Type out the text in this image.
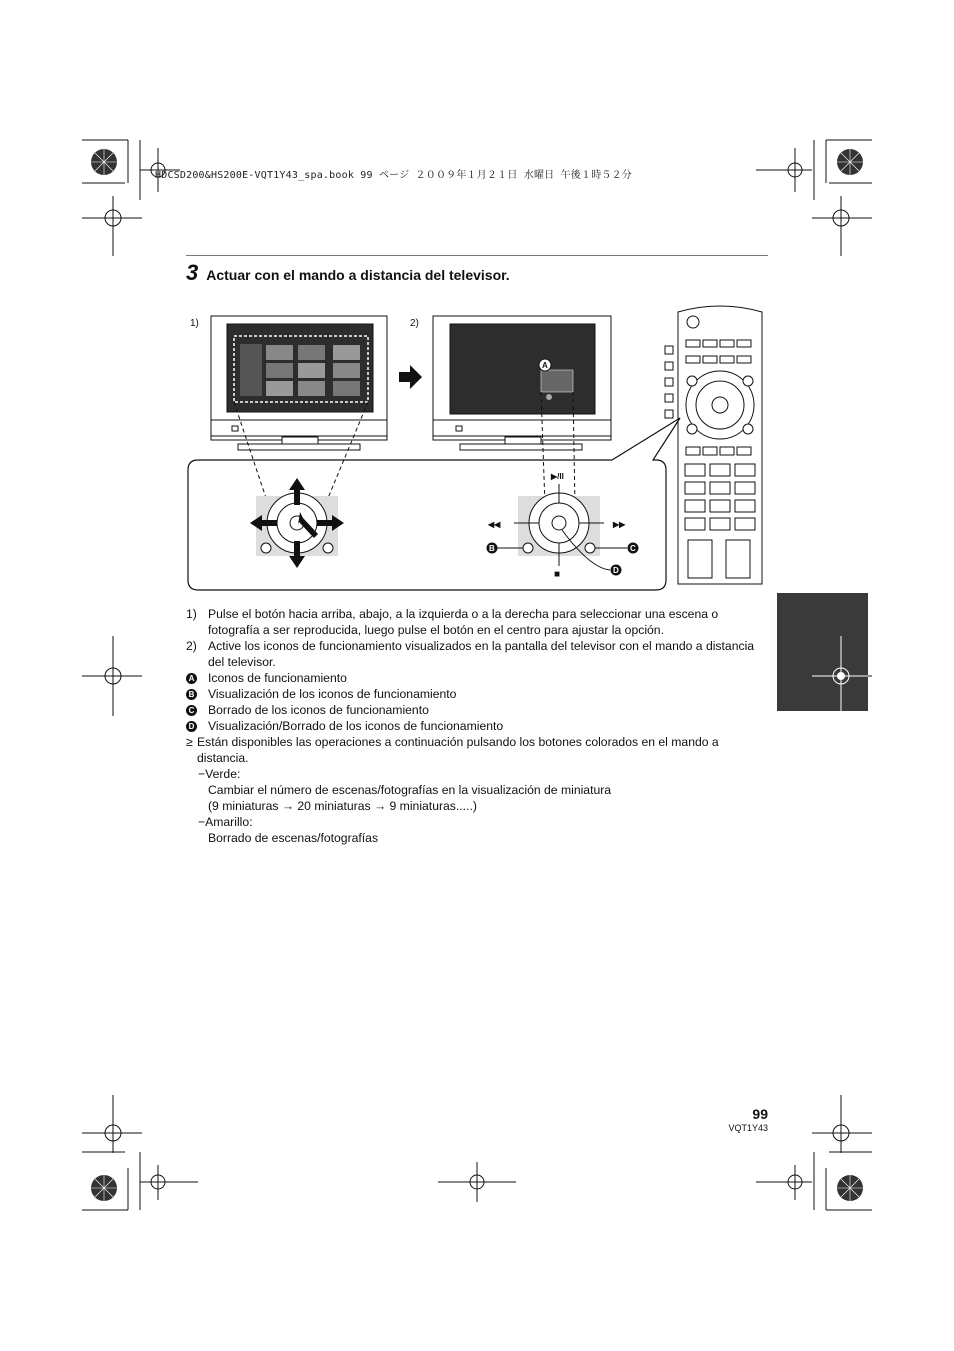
HDCSD200&HS200E-VQT1Y43_spa.book 99 ページ ２００９年１月２１日 水曜日 午後１時５２分
3 Actuar con el mando a distancia del televisor.
1)	2)
A
▶/II
◀◀	▶▶
■
B	C
D
1) Pulse el botón hacia arriba, abajo, a la izquierda o a la derecha para seleccionar una escena o fotografía a ser reproducida, luego pulse el botón en el centro para ajustar la opción.
2) Active los iconos de funcionamiento visualizados en la pantalla del televisor con el mando a distancia del televisor.
A	Iconos de funcionamiento
B	Visualización de los iconos de funcionamiento
C	Borrado de los iconos de funcionamiento
D	Visualización/Borrado de los iconos de funcionamiento
≥ Están disponibles las operaciones a continuación pulsando los botones colorados en el mando a distancia.
−Verde:
Cambiar el número de escenas/fotografías en la visualización de miniatura
(9 miniaturas → 20 miniaturas → 9 miniaturas.....)
−Amarillo:
Borrado de escenas/fotografías
99
VQT1Y43
